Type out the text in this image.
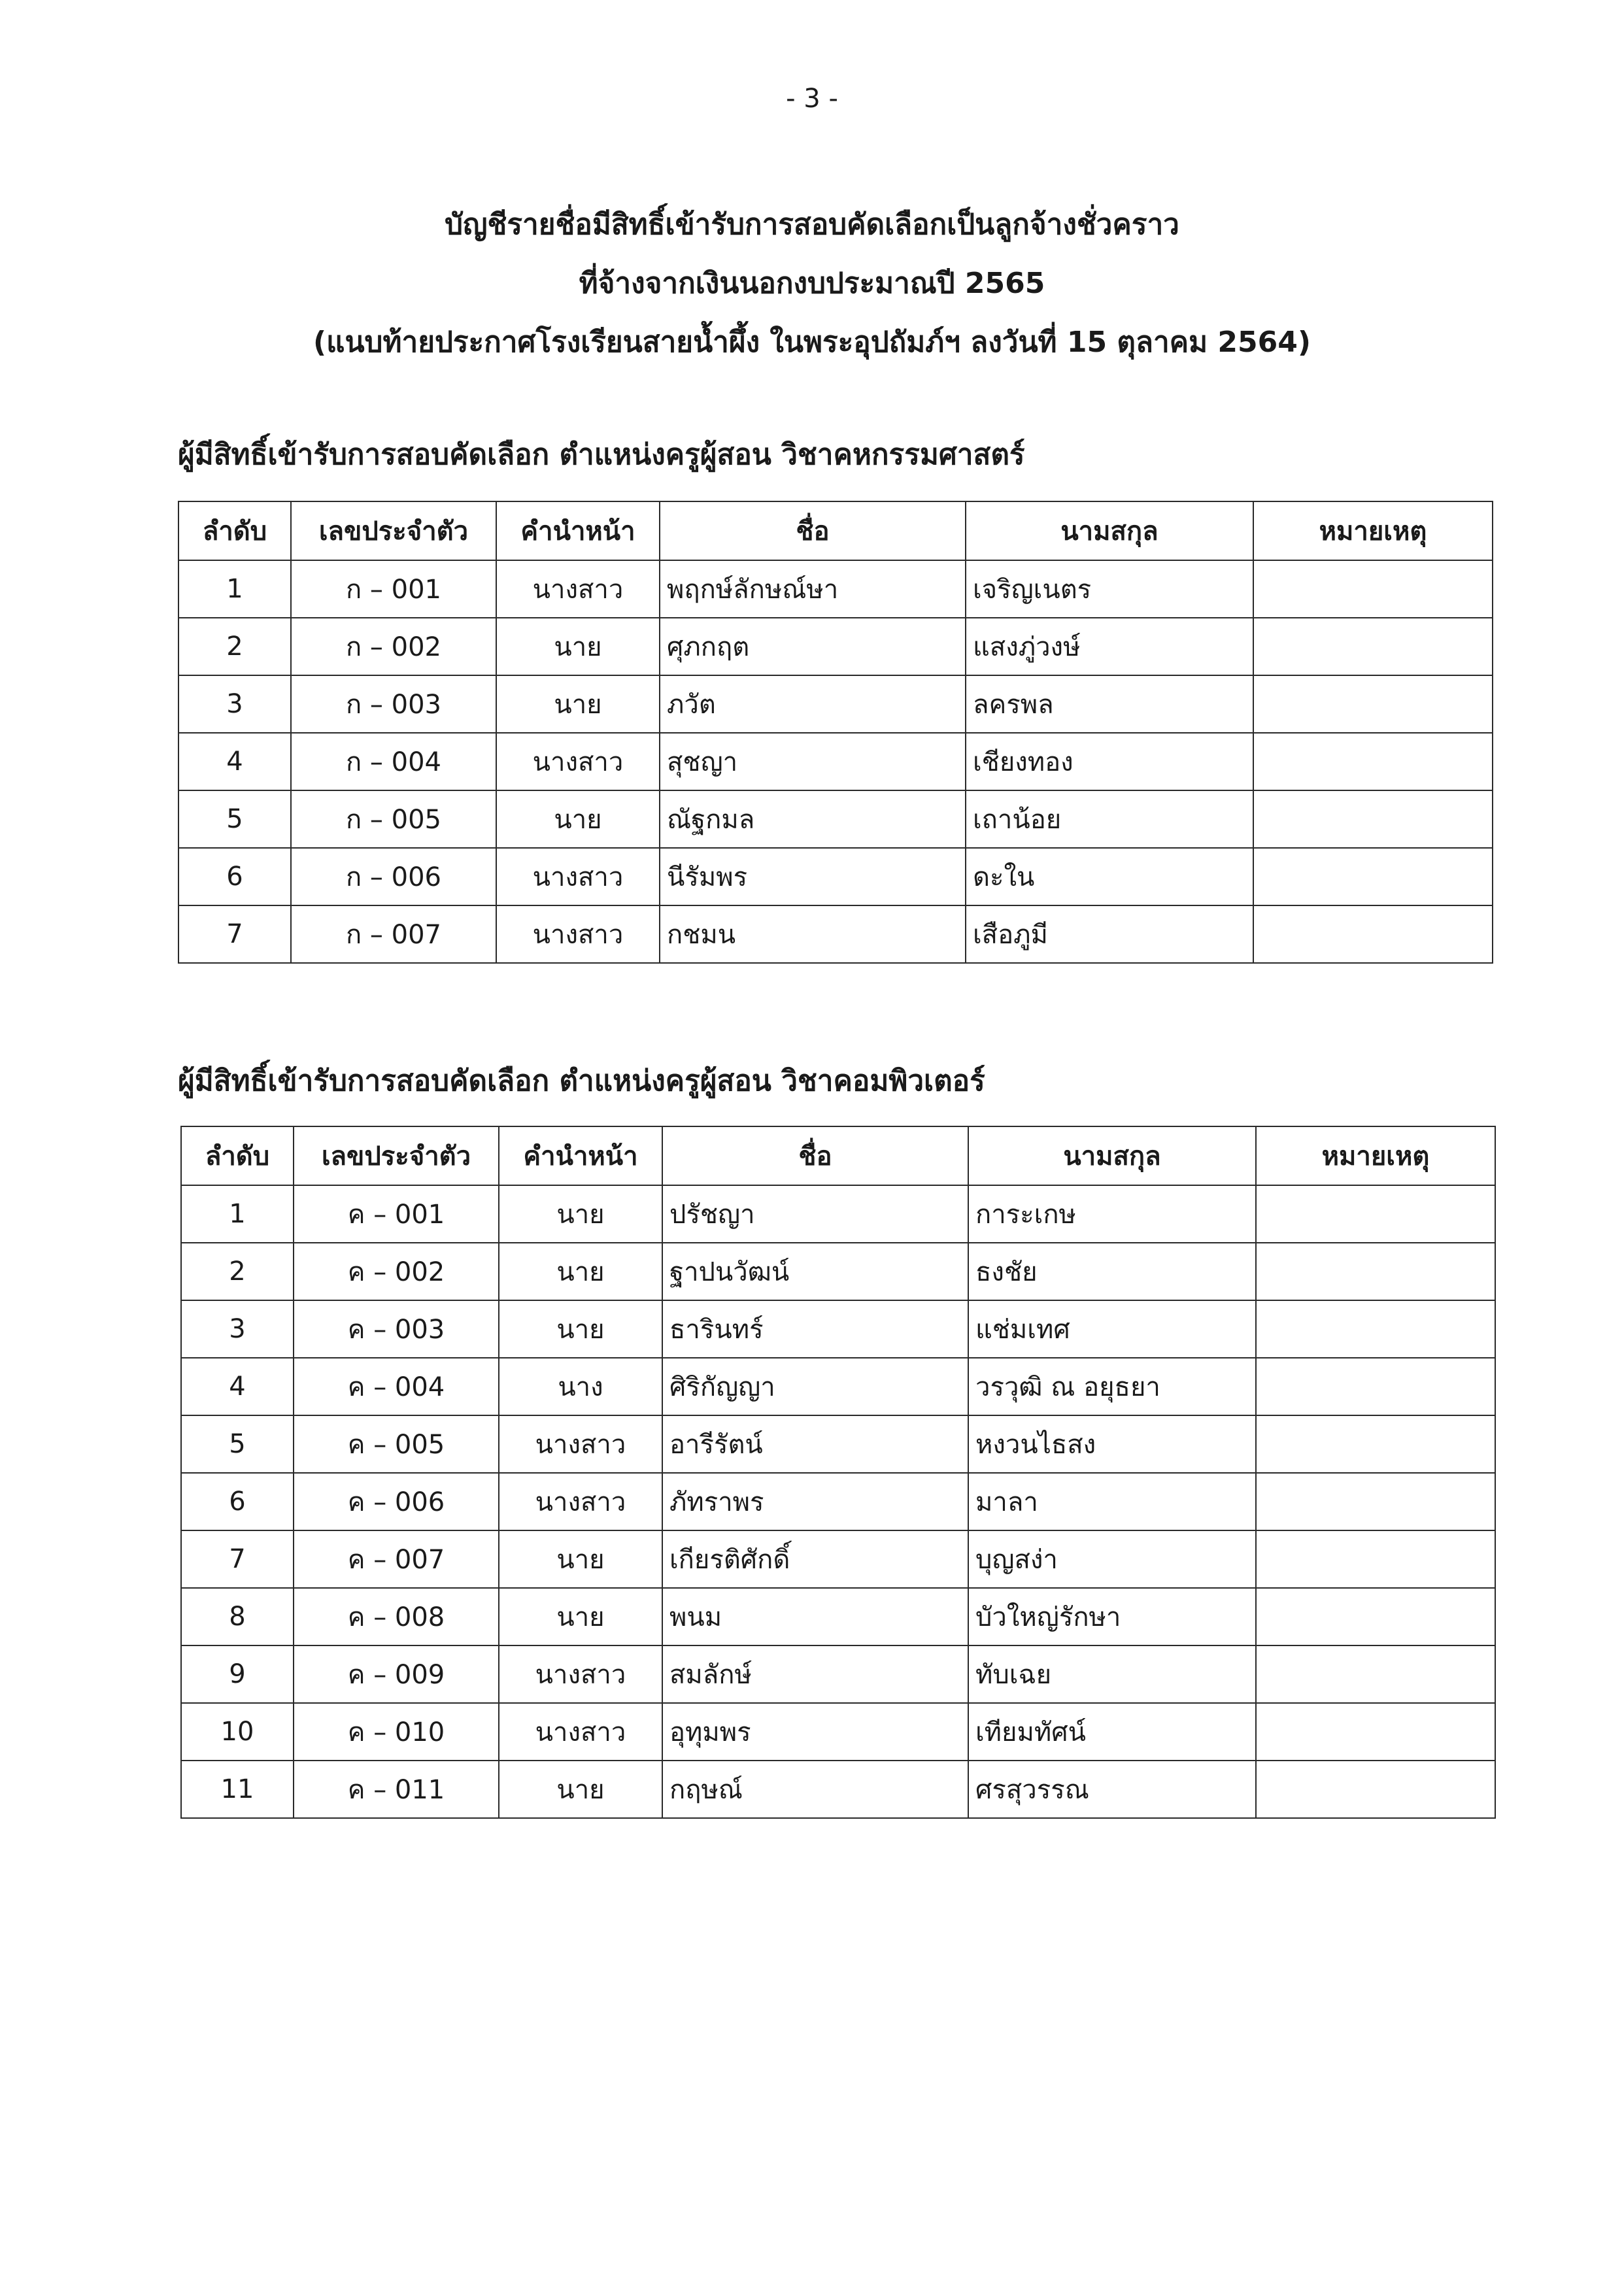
- 3 -
บัญชีรายชื่อมีสิทธิ์เข้ารับการสอบคัดเลือกเป็นลูกจ้างชั่วคราว
ที่จ้างจากเงินนอกงบประมาณปี 2565
(แนบท้ายประกาศโรงเรียนสายน้ำผึ้ง ในพระอุปถัมภ์ฯ ลงวันที่ 15 ตุลาคม 2564)
ผู้มีสิทธิ์เข้ารับการสอบคัดเลือก ตำแหน่งครูผู้สอน วิชาคหกรรมศาสตร์
ลำดับ	เลขประจำตัว	คำนำหน้า	ชื่อ	นามสกุล	หมายเหตุ
1	ก – 001	นางสาว	พฤกษ์ลักษณ์ษา	เจริญเนตร	
2	ก – 002	นาย	ศุภกฤต	แสงภู่วงษ์	
3	ก – 003	นาย	ภวัต	ลครพล	
4	ก – 004	นางสาว	สุชญา	เชียงทอง	
5	ก – 005	นาย	ณัฐกมล	เถาน้อย	
6	ก – 006	นางสาว	นีรัมพร	ดะใน	
7	ก – 007	นางสาว	กชมน	เสือภูมี	
ผู้มีสิทธิ์เข้ารับการสอบคัดเลือก ตำแหน่งครูผู้สอน วิชาคอมพิวเตอร์
ลำดับ	เลขประจำตัว	คำนำหน้า	ชื่อ	นามสกุล	หมายเหตุ
1	ค – 001	นาย	ปรัชญา	การะเกษ	
2	ค – 002	นาย	ฐาปนวัฒน์	ธงชัย	
3	ค – 003	นาย	ธารินทร์	แช่มเทศ	
4	ค – 004	นาง	ศิริกัญญา	วรวุฒิ ณ อยุธยา	
5	ค – 005	นางสาว	อารีรัตน์	หงวนไธสง	
6	ค – 006	นางสาว	ภัทราพร	มาลา	
7	ค – 007	นาย	เกียรติศักดิ์	บุญสง่า	
8	ค – 008	นาย	พนม	บัวใหญ่รักษา	
9	ค – 009	นางสาว	สมลักษ์	ทับเฉย	
10	ค – 010	นางสาว	อุทุมพร	เทียมทัศน์	
11	ค – 011	นาย	กฤษณ์	ศรสุวรรณ	
